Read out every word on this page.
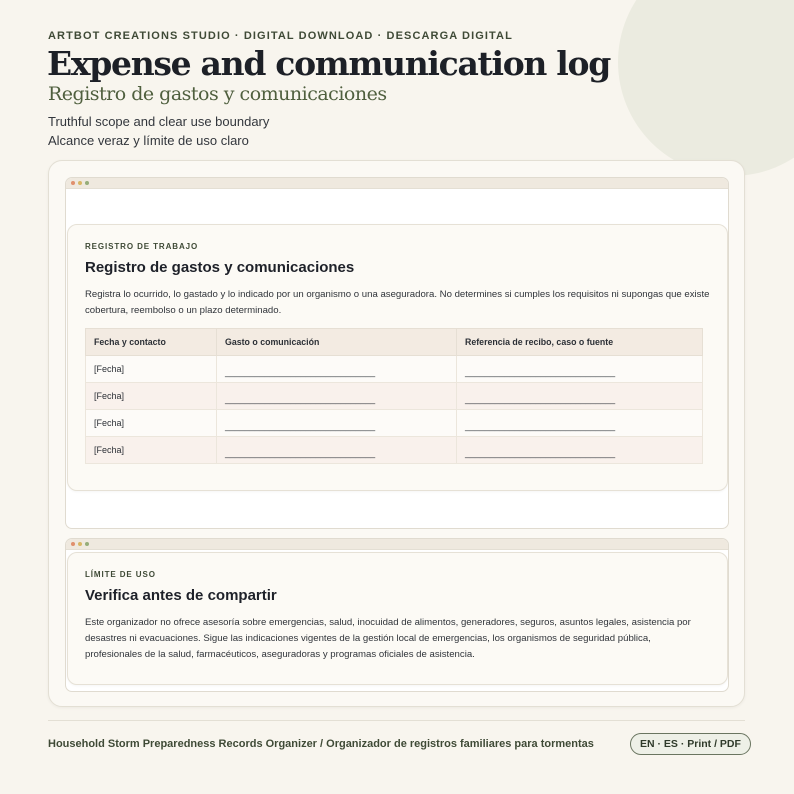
ARTBOT CREATIONS STUDIO · DIGITAL DOWNLOAD · DESCARGA DIGITAL
Expense and communication log
Registro de gastos y comunicaciones
Truthful scope and clear use boundary
Alcance veraz y límite de uso claro
REGISTRO DE TRABAJO
Registro de gastos y comunicaciones

Registra lo ocurrido, lo gastado y lo indicado por un organismo o una aseguradora. No determines si cumples los requisitos ni supongas que existe cobertura, reembolso o un plazo determinado.

Fecha y contacto	Gasto o comunicación	Referencia de recibo, caso o fuente
[Fecha]	______________________________	______________________________
[Fecha]	______________________________	______________________________
[Fecha]	______________________________	______________________________
[Fecha]	______________________________	______________________________
LÍMITE DE USO
Verifica antes de compartir

Este organizador no ofrece asesoría sobre emergencias, salud, inocuidad de alimentos, generadores, seguros, asuntos legales, asistencia por desastres ni evacuaciones. Sigue las indicaciones vigentes de la gestión local de emergencias, los organismos de seguridad pública, profesionales de la salud, farmacéuticos, aseguradoras y programas oficiales de asistencia.

Household Storm Preparedness Records Organizer / Organizador de registros familiares para tormentas	EN · ES · Print / PDF
